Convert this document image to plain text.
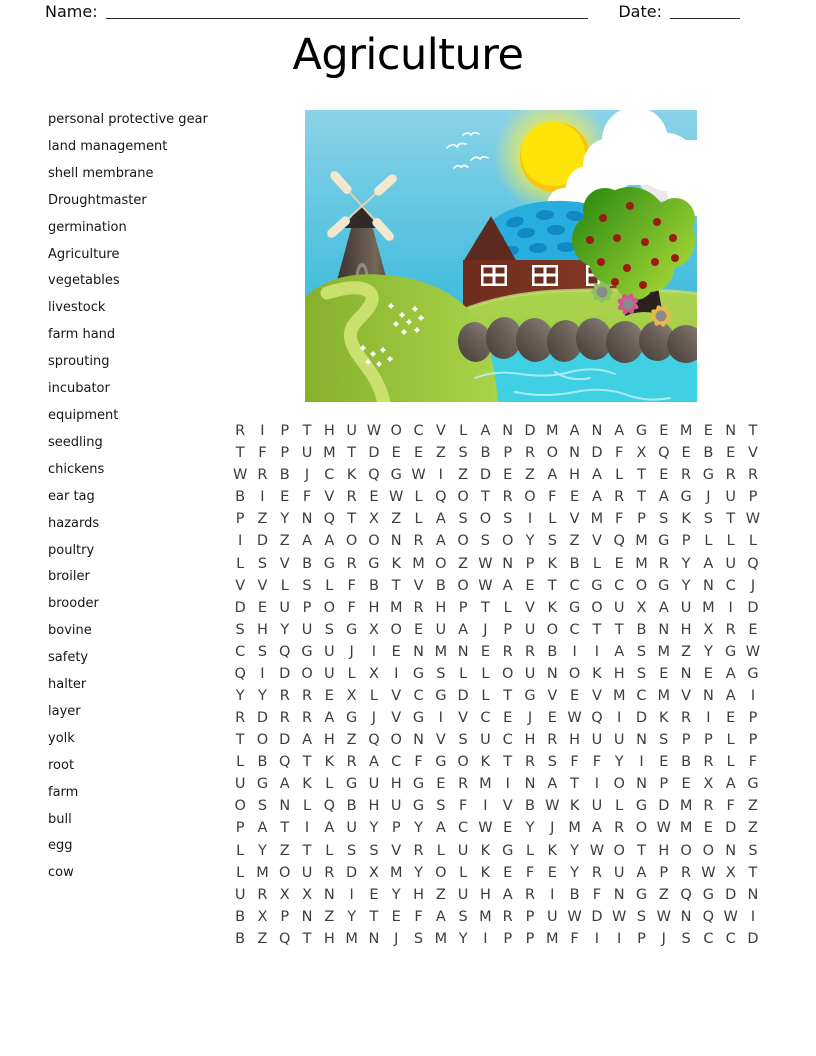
Name:	Date:
Agriculture
personal protective gear
land management
shell membrane
Droughtmaster
germination
Agriculture
vegetables
livestock
farm hand
sprouting
incubator
equipment
seedling
chickens
ear tag
hazards
poultry
broiler
brooder
bovine
safety
halter
layer
yolk
root
farm
bull
egg
cow
R	I	P T H U W O C V L A N D M A N A G E M E N T
T F P U M T D E E Z S B P R O N D F X Q E B E V
W R B	J	C K Q G W I	Z D E Z A H A L T E R G R R
B	I	E F V R E W L Q O T R O F E A R T A G	J	U P
P Z Y N Q T X Z L A S O S	I	L V M F P S K S T W
I	D Z A A O O N R A O S O Y S Z V Q M G P L L L
L S V B G R G K M O Z W N P K B L E M R Y A U Q
V V L S L F B T V B O W A E T C G C O G Y N C	J
D E U P O F H M R H P T L V K G O U X A U M I	D
S H Y U S G X O E U A	J	P U O C T T B N H X R E
C S Q G U	J	I	E N M N E R R B	I	I	A S M Z Y G W
Q I	D O U L X	I	G S L L O U N O K H S E N E A G
Y Y R R E X L V C G D L T G V E V M C M V N A	I
R D R R A G	J	V G	I	V C E	J	E W Q I	D K R	I	E P
T O D A H Z Q O N V S U C H R H U U N S P P L P
L B Q T K R A C F G O K T R S F F Y	I	E B R L F
U G A K L G U H G E R M I	N A T	I O N P E X A G
O S N L Q B H U G S F	I	V B W K U L G D M R F Z
P A T	I	A U Y P Y A C W E Y	J M A R O W M E D Z
L Y Z T L S S V R L U K G L K Y W O T H O O N S
L M O U R D X M Y O L K E F E Y R U A P R W X T
U R X X N	I	E Y H Z U H A R	I	B F N G Z Q G D N
B X P N Z Y T E F A S M R P U W D W S W N Q W I
B Z Q T H M N	J	S M Y	I	P P M F	I	I	P	J	S C C D
